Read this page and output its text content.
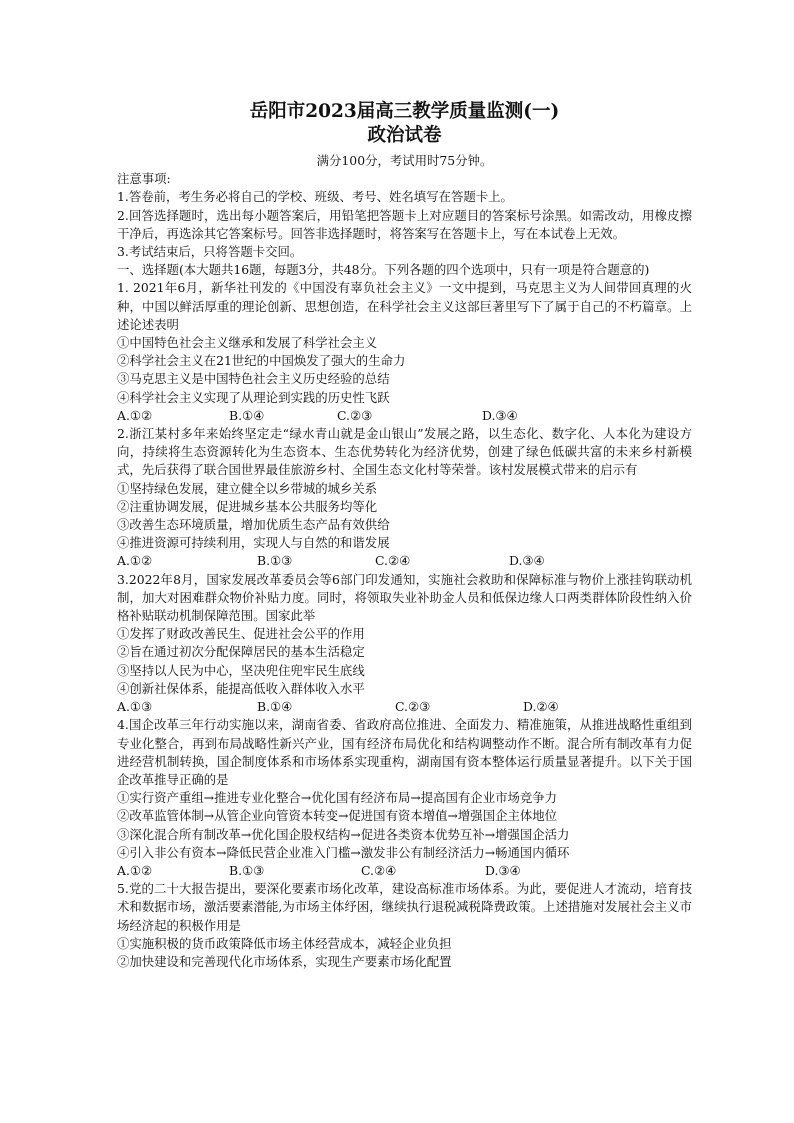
岳阳市2023届高三教学质量监测(一)
政治试卷

满分100分，考试用时75分钟。

注意事项:

1.答卷前，考生务必将自己的学校、班级、考号、姓名填写在答题卡上。

2.回答选择题时，选出每小题答案后，用铅笔把答题卡上对应题目的答案标号涂黑。如需改动，用橡皮擦干净后，再选涂其它答案标号。回答非选择题时，将答案写在答题卡上，写在本试卷上无效。

3.考试结束后，只将答题卡交回。

一、选择题(本大题共16题，每题3分，共48分。下列各题的四个选项中，只有一项是符合题意的)

1. 2021年6月，新华社刊发的《中国没有辜负社会主义》一文中提到，马克思主义为人间带回真理的火种，中国以鲜活厚重的理论创新、思想创造，在科学社会主义这部巨著里写下了属于自己的不朽篇章。上述论述表明

①中国特色社会主义继承和发展了科学社会主义

②科学社会主义在21世纪的中国焕发了强大的生命力

③马克思主义是中国特色社会主义历史经验的总结

④科学社会主义实现了从理论到实践的历史性飞跃

A.①②	B.①④	C.②③	D.③④

2.浙江某村多年来始终坚定走“绿水青山就是金山银山”发展之路，以生态化、数字化、人本化为建设方向，持续将生态资源转化为生态资本、生态优势转化为经济优势，创建了绿色低碳共富的未来乡村新模式，先后获得了联合国世界最佳旅游乡村、全国生态文化村等荣誉。该村发展模式带来的启示有

①坚持绿色发展，建立健全以乡带城的城乡关系

②注重协调发展，促进城乡基本公共服务均等化

③改善生态环境质量，增加优质生态产品有效供给

④推进资源可持续利用，实现人与自然的和谐发展

A.①②	B.①③	C.②④	D.③④

3.2022年8月，国家发展改革委员会等6部门印发通知，实施社会救助和保障标准与物价上涨挂钩联动机制，加大对困难群众物价补贴力度。同时，将领取失业补助金人员和低保边缘人口两类群体阶段性纳入价格补贴联动机制保障范围。国家此举

①发挥了财政改善民生、促进社会公平的作用

②旨在通过初次分配保障居民的基本生活稳定

③坚持以人民为中心，坚决兜住兜牢民生底线

④创新社保体系，能提高低收入群体收入水平

A.①③	B.①④	C.②③	D.②④

4.国企改革三年行动实施以来，湖南省委、省政府高位推进、全面发力、精准施策，从推进战略性重组到专业化整合，再到布局战略性新兴产业，国有经济布局优化和结构调整动作不断。混合所有制改革有力促进经营机制转换，国企制度体系和市场体系实现重构，湖南国有资本整体运行质量显著提升。以下关于国企改革推导正确的是

①实行资产重组→推进专业化整合→优化国有经济布局→提高国有企业市场竞争力

②改革监管体制→从管企业向管资本转变→促进国有资本增值→增强国企主体地位

③深化混合所有制改革→优化国企股权结构→促进各类资本优势互补→增强国企活力

④引入非公有资本→降低民营企业准入门槛→激发非公有制经济活力→畅通国内循环

A.①②	B.①③	C.②④	D.③④

5.党的二十大报告提出，要深化要素市场化改革，建设高标准市场体系。为此，要促进人才流动，培育技术和数据市场，激活要素潜能,为市场主体纾困，继续执行退税减税降费政策。上述措施对发展社会主义市场经济起的积极作用是

①实施积极的货币政策降低市场主体经营成本，减轻企业负担

②加快建设和完善现代化市场体系，实现生产要素市场化配置
